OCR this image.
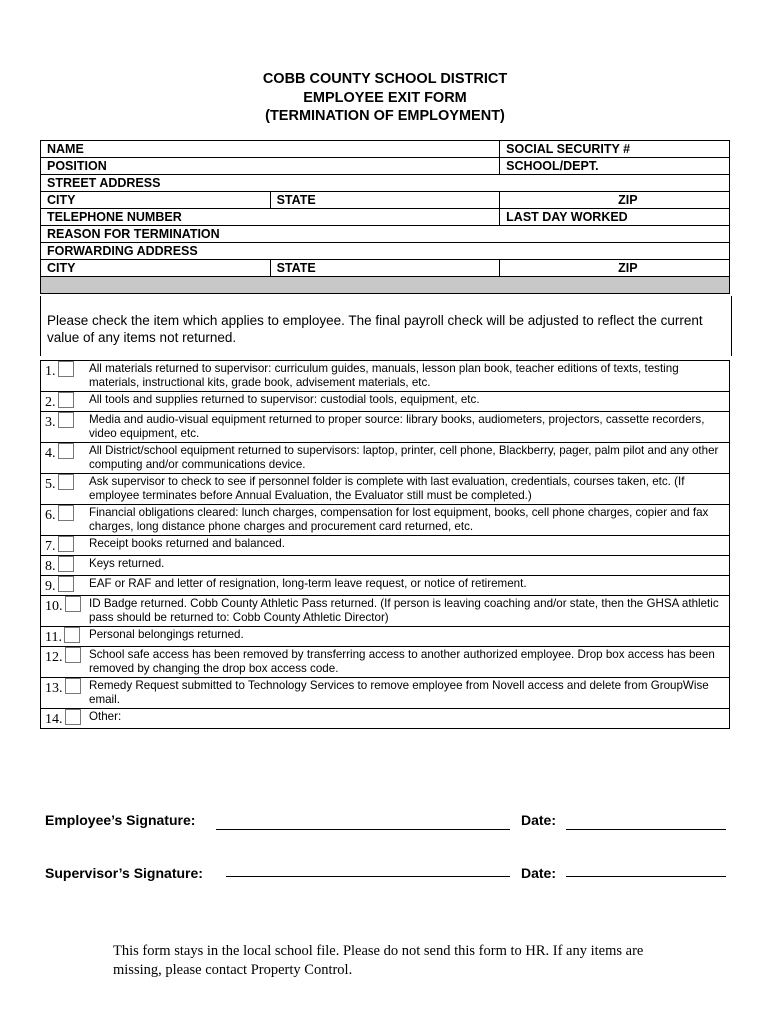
COBB COUNTY SCHOOL DISTRICT
EMPLOYEE EXIT FORM
(TERMINATION OF EMPLOYMENT)
NAME		SOCIAL SECURITY #
POSITION		SCHOOL/DEPT.
STREET ADDRESS		
CITY	STATE	ZIP
TELEPHONE NUMBER		LAST DAY WORKED
REASON FOR TERMINATION		
FORWARDING ADDRESS		
CITY	STATE	ZIP

Please check the item which applies to employee. The final payroll check will be adjusted to reflect the current value of any items not returned.

1.	All materials returned to supervisor: curriculum guides, manuals, lesson plan book, teacher editions of texts, testing materials, instructional kits, grade book, advisement materials, etc.
2.	All tools and supplies returned to supervisor: custodial tools, equipment, etc.
3.	Media and audio-visual equipment returned to proper source: library books, audiometers, projectors, cassette recorders, video equipment, etc.
4.	All District/school equipment returned to supervisors: laptop, printer, cell phone, Blackberry, pager, palm pilot and any other computing and/or communications device.
5.	Ask supervisor to check to see if personnel folder is complete with last evaluation, credentials, courses taken, etc. (If employee terminates before Annual Evaluation, the Evaluator still must be completed.)
6.	Financial obligations cleared: lunch charges, compensation for lost equipment, books, cell phone charges, copier and fax charges, long distance phone charges and procurement card returned, etc.
7.	Receipt books returned and balanced.
8.	Keys returned.
9.	EAF or RAF and letter of resignation, long-term leave request, or notice of retirement.
10.	ID Badge returned. Cobb County Athletic Pass returned. (If person is leaving coaching and/or state, then the GHSA athletic pass should be returned to: Cobb County Athletic Director)
11.	Personal belongings returned.
12.	School safe access has been removed by transferring access to another authorized employee. Drop box access has been removed by changing the drop box access code.
13.	Remedy Request submitted to Technology Services to remove employee from Novell access and delete from GroupWise email.
14.	Other:
Employee’s Signature:	Date:
Supervisor’s Signature:	Date:
This form stays in the local school file. Please do not send this form to HR. If any items are missing, please contact Property Control.
